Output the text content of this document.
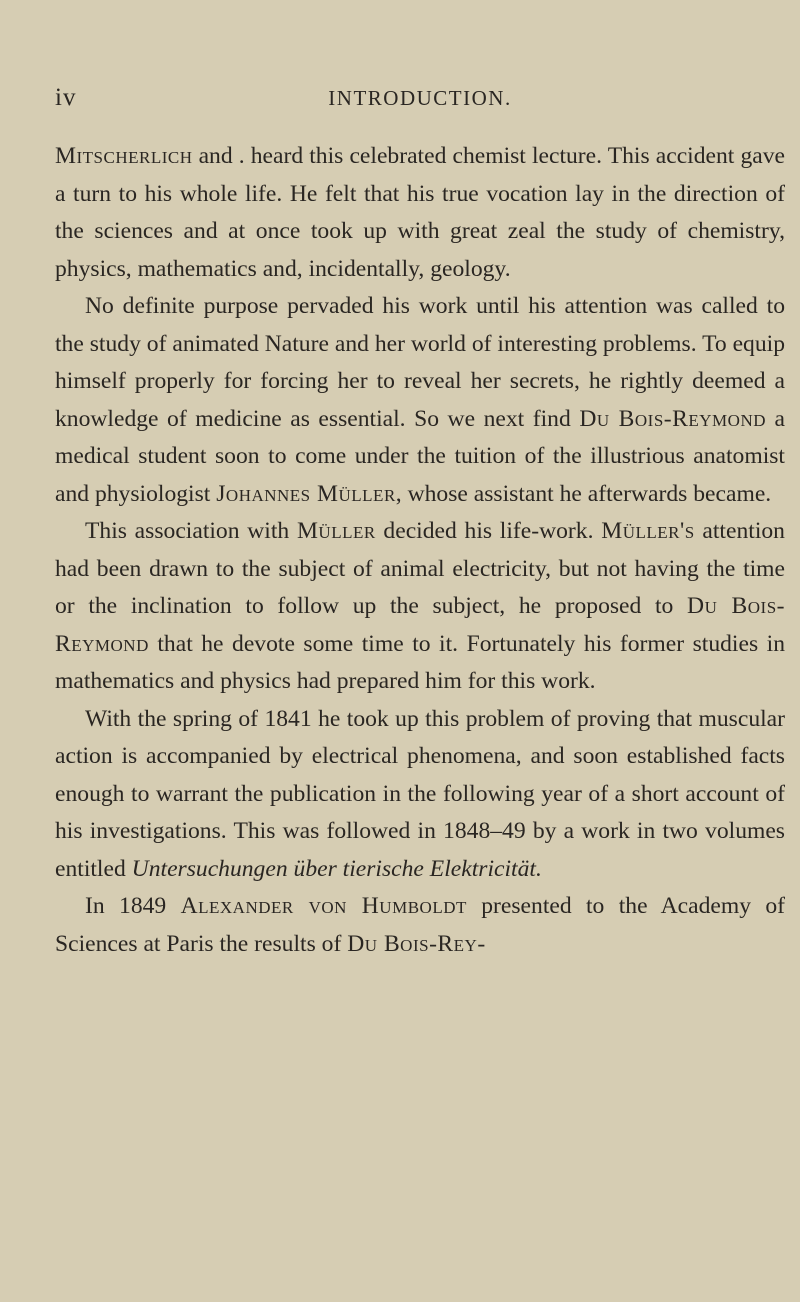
iv	INTRODUCTION.

Mitscherlich and . heard this celebrated chemist lecture. This accident gave a turn to his whole life. He felt that his true vocation lay in the direction of the sciences and at once took up with great zeal the study of chemistry, physics, mathematics and, incidentally, geology.

No definite purpose pervaded his work until his attention was called to the study of animated Nature and her world of interesting problems. To equip himself properly for forcing her to reveal her secrets, he rightly deemed a knowledge of medicine as essential. So we next find Du Bois-Reymond a medical student soon to come under the tuition of the illustrious anatomist and physiologist Johannes Müller, whose assistant he afterwards became.

This association with Müller decided his life-work. Müller's attention had been drawn to the subject of animal electricity, but not having the time or the inclination to follow up the subject, he proposed to Du Bois-Reymond that he devote some time to it. Fortunately his former studies in mathematics and physics had prepared him for this work.

With the spring of 1841 he took up this problem of proving that muscular action is accompanied by electrical phenomena, and soon established facts enough to warrant the publication in the following year of a short account of his investigations. This was followed in 1848–49 by a work in two volumes entitled Untersuchungen über tierische Elektricität.

In 1849 Alexander von Humboldt presented to the Academy of Sciences at Paris the results of Du Bois-Rey-
